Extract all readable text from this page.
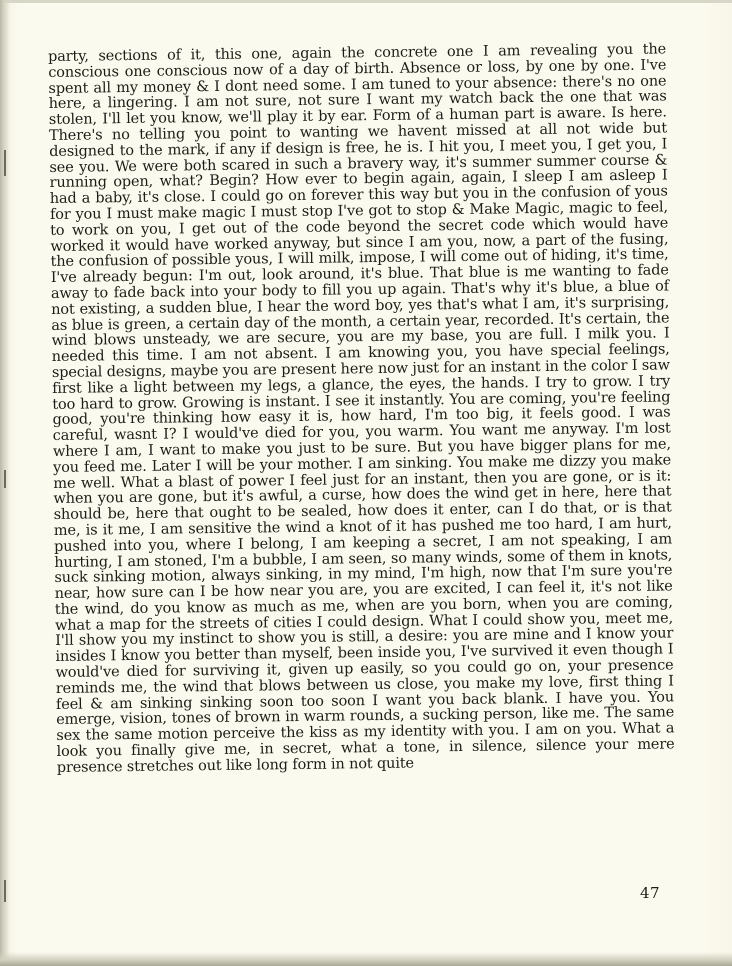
party, sections of it, this one, again the concrete one I am revealing you the conscious one conscious now of a day of birth. Absence or loss, by one by one. I've spent all my money & I dont need some. I am tuned to your absence: there's no one here, a lingering. I am not sure, not sure I want my watch back the one that was stolen, I'll let you know, we'll play it by ear. Form of a human part is aware. Is here. There's no telling you point to wanting we havent missed at all not wide but designed to the mark, if any if design is free, he is. I hit you, I meet you, I get you, I see you. We were both scared in such a bravery way, it's summer summer course & running open, what? Begin? How ever to begin again, again, I sleep I am asleep I had a baby, it's close. I could go on forever this way but you in the confusion of yous for you I must make magic I must stop I've got to stop & Make Magic, magic to feel, to work on you, I get out of the code beyond the secret code which would have worked it would have worked anyway, but since I am you, now, a part of the fusing, the confusion of possible yous, I will milk, impose, I will come out of hiding, it's time, I've already begun: I'm out, look around, it's blue. That blue is me wanting to fade away to fade back into your body to fill you up again. That's why it's blue, a blue of not existing, a sudden blue, I hear the word boy, yes that's what I am, it's surprising, as blue is green, a certain day of the month, a certain year, recorded. It's certain, the wind blows unsteady, we are secure, you are my base, you are full. I milk you. I needed this time. I am not absent. I am knowing you, you have special feelings, special designs, maybe you are present here now just for an instant in the color I saw first like a light between my legs, a glance, the eyes, the hands. I try to grow. I try too hard to grow. Growing is instant. I see it instantly. You are coming, you're feeling good, you're thinking how easy it is, how hard, I'm too big, it feels good. I was careful, wasnt I? I would've died for you, you warm. You want me anyway. I'm lost where I am, I want to make you just to be sure. But you have bigger plans for me, you feed me. Later I will be your mother. I am sinking. You make me dizzy you make me well. What a blast of power I feel just for an instant, then you are gone, or is it: when you are gone, but it's awful, a curse, how does the wind get in here, here that should be, here that ought to be sealed, how does it enter, can I do that, or is that me, is it me, I am sensitive the wind a knot of it has pushed me too hard, I am hurt, pushed into you, where I belong, I am keeping a secret, I am not speaking, I am hurting, I am stoned, I'm a bubble, I am seen, so many winds, some of them in knots, suck sinking motion, always sinking, in my mind, I'm high, now that I'm sure you're near, how sure can I be how near you are, you are excited, I can feel it, it's not like the wind, do you know as much as me, when are you born, when you are coming, what a map for the streets of cities I could design. What I could show you, meet me, I'll show you my instinct to show you is still, a desire: you are mine and I know your insides I know you better than myself, been inside you, I've survived it even though I would've died for surviving it, given up easily, so you could go on, your presence reminds me, the wind that blows between us close, you make my love, first thing I feel & am sinking sinking soon too soon I want you back blank. I have you. You emerge, vision, tones of brown in warm rounds, a sucking person, like me. The same sex the same motion perceive the kiss as my identity with you. I am on you. What a look you finally give me, in secret, what a tone, in silence, silence your mere presence stretches out like long form in not quite

47
